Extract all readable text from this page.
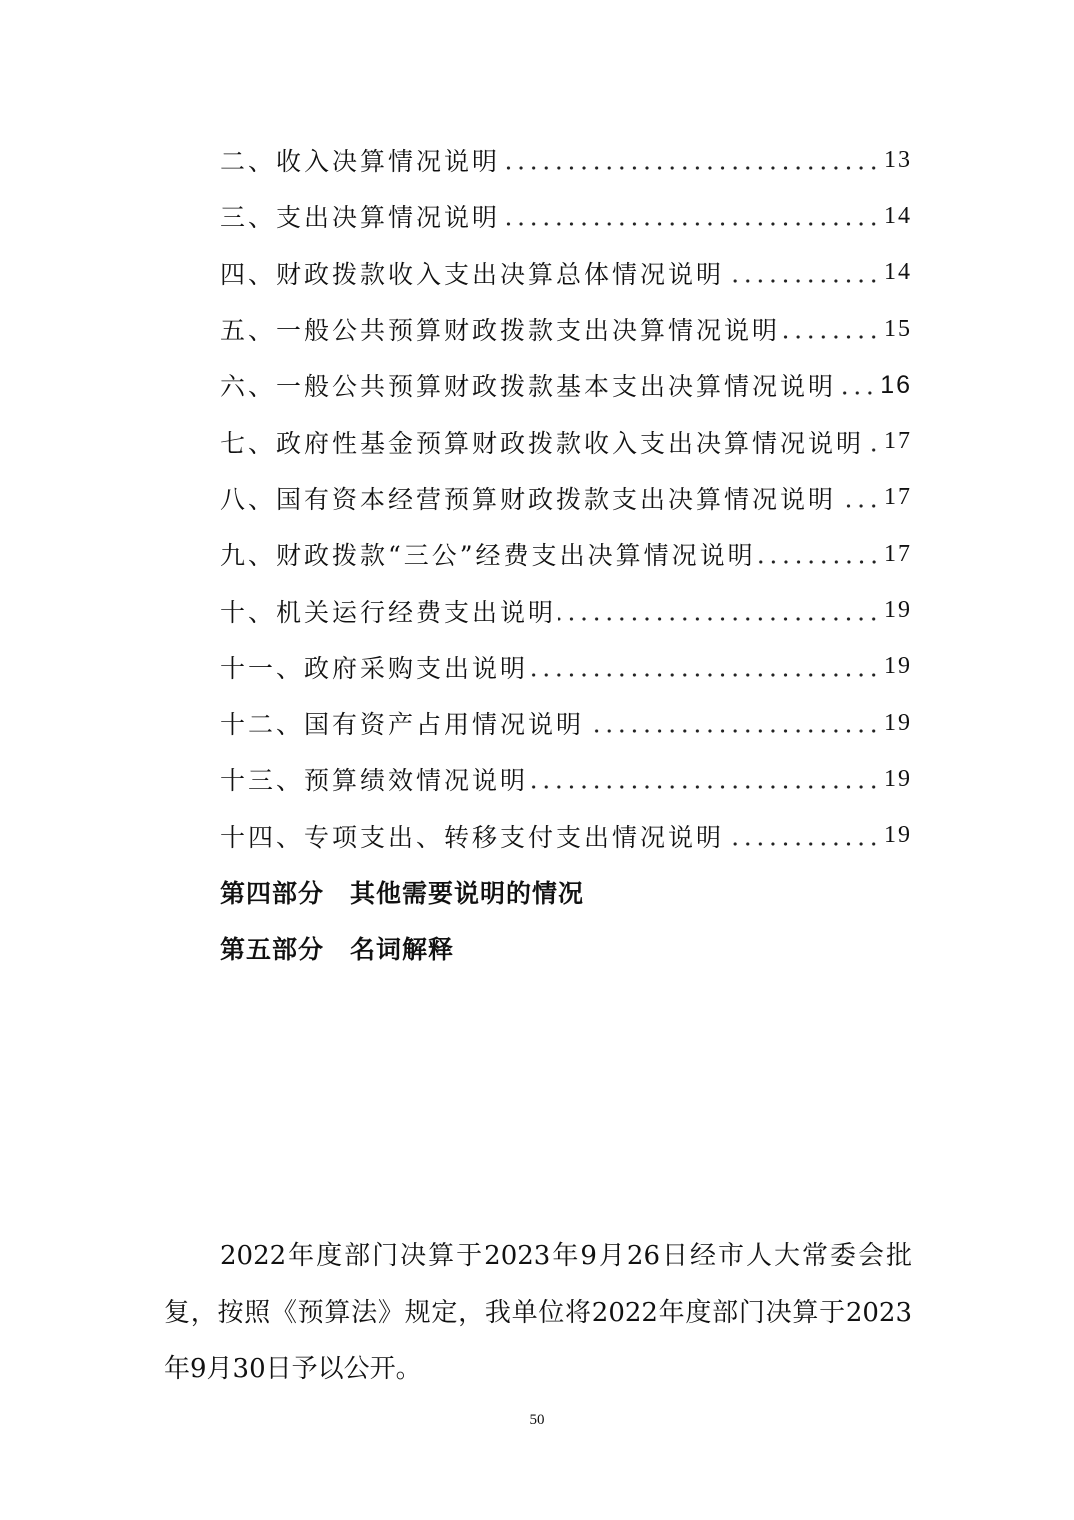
二、收入决算情况说明	13
三、支出决算情况说明	14
四、财政拨款收入支出决算总体情况说明	14
五、一般公共预算财政拨款支出决算情况说明	15
六、一般公共预算财政拨款基本支出决算情况说明 16
七、政府性基金预算财政拨款收入支出决算情况说明 17
八、国有资本经营预算财政拨款支出决算情况说明 17
九、财政拨款“三公”经费支出决算情况说明	17
十、机关运行经费支出说明	19
十一、政府采购支出说明	19
十二、国有资产占用情况说明	19
十三、预算绩效情况说明	19
十四、专项支出、转移支付支出情况说明	19
第四部分 其他需要说明的情况
第五部分 名词解释

2022年度部门决算于2023年9月26日经市人大常委会批复，按照《预算法》规定，我单位将2022年度部门决算于2023年9月30日予以公开。

50
